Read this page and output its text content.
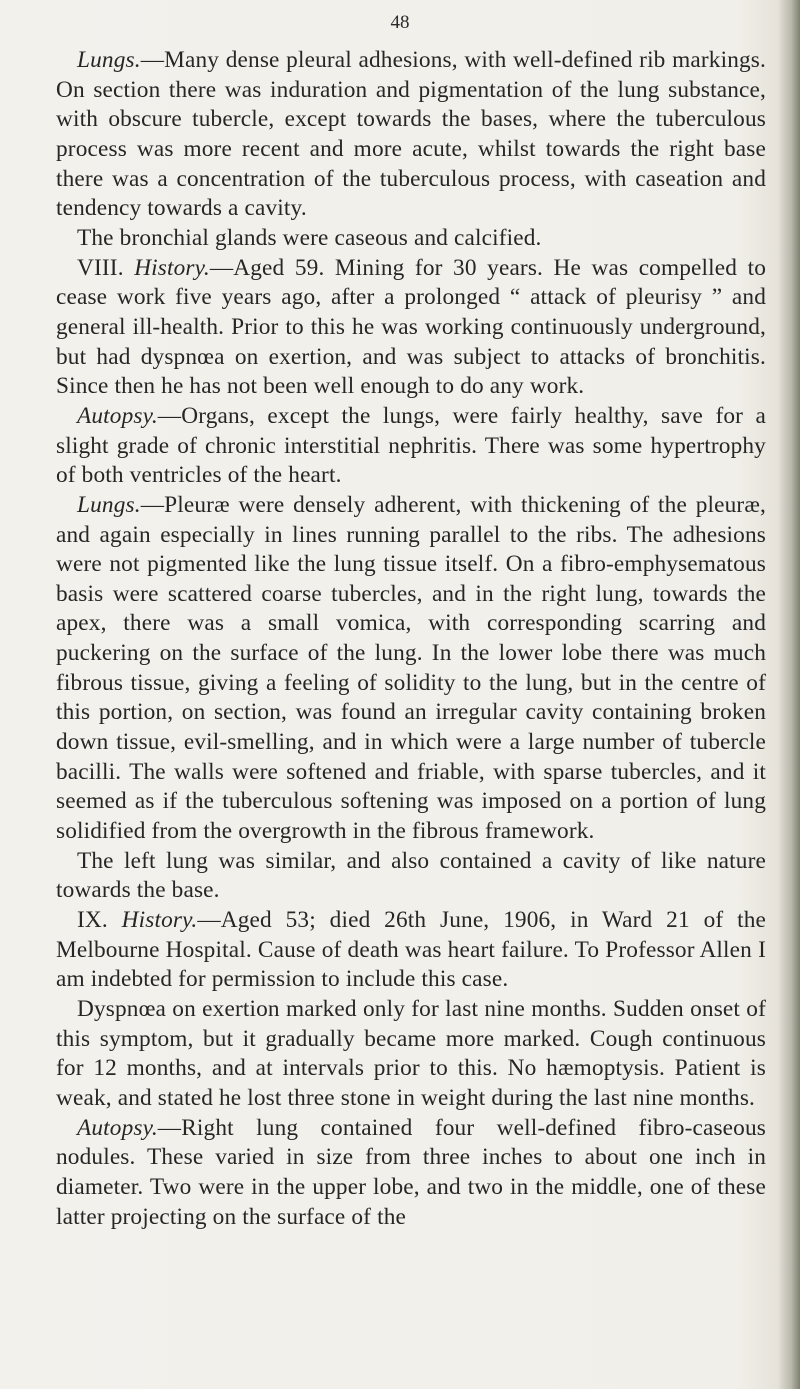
48

Lungs.—Many dense pleural adhesions, with well-defined rib markings. On section there was induration and pigmentation of the lung substance, with obscure tubercle, except towards the bases, where the tuberculous process was more recent and more acute, whilst towards the right base there was a concentration of the tuberculous process, with caseation and tendency towards a cavity.

The bronchial glands were caseous and calcified.

VIII. History.—Aged 59. Mining for 30 years. He was compelled to cease work five years ago, after a prolonged “ attack of pleurisy ” and general ill-health. Prior to this he was working continuously underground, but had dyspnœa on exertion, and was subject to attacks of bronchitis. Since then he has not been well enough to do any work.

Autopsy.—Organs, except the lungs, were fairly healthy, save for a slight grade of chronic interstitial nephritis. There was some hypertrophy of both ventricles of the heart.

Lungs.—Pleuræ were densely adherent, with thickening of the pleuræ, and again especially in lines running parallel to the ribs. The adhesions were not pigmented like the lung tissue itself. On a fibro-emphysematous basis were scattered coarse tubercles, and in the right lung, towards the apex, there was a small vomica, with corresponding scarring and puckering on the surface of the lung. In the lower lobe there was much fibrous tissue, giving a feeling of solidity to the lung, but in the centre of this portion, on section, was found an irregular cavity containing broken down tissue, evil-smelling, and in which were a large number of tubercle bacilli. The walls were softened and friable, with sparse tubercles, and it seemed as if the tuberculous softening was imposed on a portion of lung solidified from the overgrowth in the fibrous framework.

The left lung was similar, and also contained a cavity of like nature towards the base.

IX. History.—Aged 53; died 26th June, 1906, in Ward 21 of the Melbourne Hospital. Cause of death was heart failure. To Professor Allen I am indebted for permission to include this case.

Dyspnœa on exertion marked only for last nine months. Sudden onset of this symptom, but it gradually became more marked. Cough continuous for 12 months, and at intervals prior to this. No hæmoptysis. Patient is weak, and stated he lost three stone in weight during the last nine months.

Autopsy.—Right lung contained four well-defined fibro-caseous nodules. These varied in size from three inches to about one inch in diameter. Two were in the upper lobe, and two in the middle, one of these latter projecting on the surface of the
